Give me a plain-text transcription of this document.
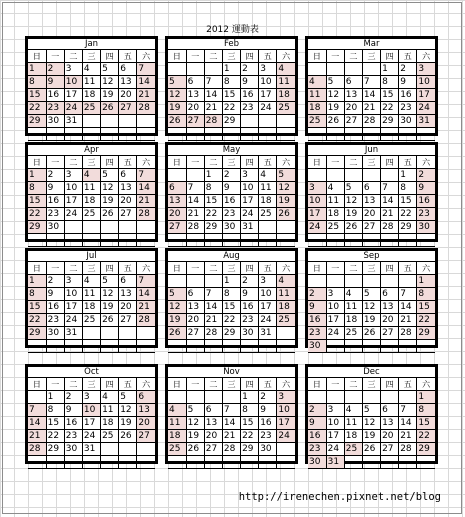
2012 運動表
Jan
日	一	二	三	四	五	六
1	2	3	4	5	6	7
8	9	10	11	12	13	14
15	16	17	18	19	20	21
22	23	24	25	26	27	28
29	30	31				

Feb
日	一	二	三	四	五	六
			1	2	3	4
5	6	7	8	9	10	11
12	13	14	15	16	17	18
19	20	21	22	23	24	25
26	27	28	29			

Mar
日	一	二	三	四	五	六
				1	2	3
4	5	6	7	8	9	10
11	12	13	14	15	16	17
18	19	20	21	22	23	24
25	26	27	28	29	30	31

Apr
日	一	二	三	四	五	六
1	2	3	4	5	6	7
8	9	10	11	12	13	14
15	16	17	18	19	20	21
22	23	24	25	26	27	28
29	30					

May
日	一	二	三	四	五	六
		1	2	3	4	5
6	7	8	9	10	11	12
13	14	15	16	17	18	19
20	21	22	23	24	25	26
27	28	29	30	31		

Jun
日	一	二	三	四	五	六
					1	2
3	4	5	6	7	8	9
10	11	12	13	14	15	16
17	18	19	20	21	22	23
24	25	26	27	28	29	30

Jul
日	一	二	三	四	五	六
1	2	3	4	5	6	7
8	9	10	11	12	13	14
15	16	17	18	19	20	21
22	23	24	25	26	27	28
29	30	31				

Aug
日	一	二	三	四	五	六
			1	2	3	4
5	6	7	8	9	10	11
12	13	14	15	16	17	18
19	20	21	22	23	24	25
26	27	28	29	30	31	

Sep
日	一	二	三	四	五	六
						1
2	3	4	5	6	7	8
9	10	11	12	13	14	15
16	17	18	19	20	21	22
23	24	25	26	27	28	29
30						
Oct
日	一	二	三	四	五	六
	1	2	3	4	5	6
7	8	9	10	11	12	13
14	15	16	17	18	19	20
21	22	23	24	25	26	27
28	29	30	31			

Nov
日	一	二	三	四	五	六
				1	2	3
4	5	6	7	8	9	10
11	12	13	14	15	16	17
18	19	20	21	22	23	24
25	26	27	28	29	30	

Dec
日	一	二	三	四	五	六
						1
2	3	4	5	6	7	8
9	10	11	12	13	14	15
16	17	18	19	20	21	22
23	24	25	26	27	28	29
30	31					
http://irenechen.pixnet.net/blog
